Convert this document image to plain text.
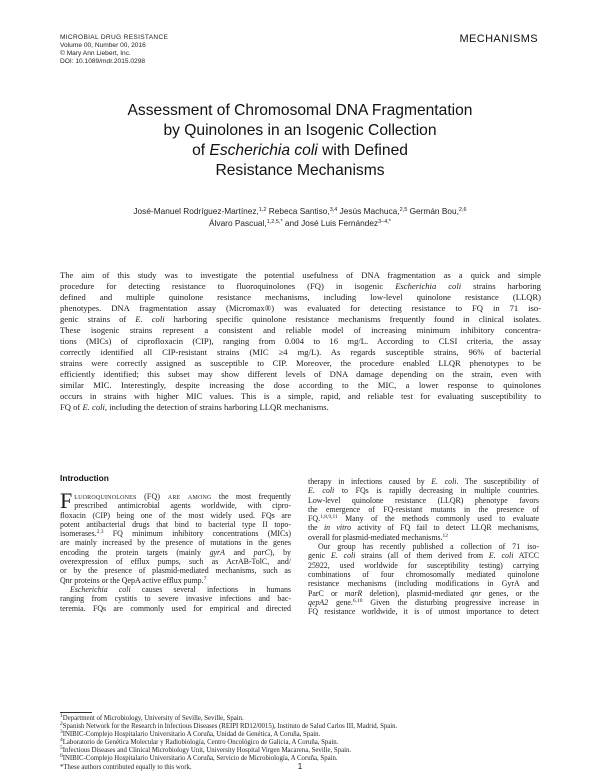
MICROBIAL DRUG RESISTANCE
Volume 00, Number 00, 2016
© Mary Ann Liebert, Inc.
DOI: 10.1089/mdr.2015.0298
MECHANISMS
Assessment of Chromosomal DNA Fragmentation
by Quinolones in an Isogenic Collection
of Escherichia coli with Defined
Resistance Mechanisms
José-Manuel Rodríguez-Martínez,$^{1,2}$ Rebeca Santiso,$^{3,4}$ Jesús Machuca,$^{2,5}$ Germán Bou,$^{2,6}$
Álvaro Pascual,$^{1,2,5,*}$ and José Luis Fernández$^{3-4,*}$
The aim of this study was to investigate the potential usefulness of DNA fragmentation as a quick and simple
procedure for detecting resistance to fluoroquinolones (FQ) in isogenic Escherichia coli strains harboring
defined and multiple quinolone resistance mechanisms, including low-level quinolone resistance (LLQR)
phenotypes. DNA fragmentation assay (Micromax®) was evaluated for detecting resistance to FQ in 71 iso-
genic strains of E. coli harboring specific quinolone resistance mechanisms frequently found in clinical isolates.
These isogenic strains represent a consistent and reliable model of increasing minimum inhibitory concentra-
tions (MICs) of ciprofloxacin (CIP), ranging from 0.004 to 16 mg/L. According to CLSI criteria, the assay
correctly identified all CIP-resistant strains (MIC ≥4 mg/L). As regards susceptible strains, 96% of bacterial
strains were correctly assigned as susceptible to CIP. Moreover, the procedure enabled LLQR phenotypes to be
efficiently identified; this subset may show different levels of DNA damage depending on the strain, even with
similar MIC. Interestingly, despite increasing the dose according to the MIC, a lower response to quinolones
occurs in strains with higher MIC values. This is a simple, rapid, and reliable test for evaluating susceptibility to
FQ of E. coli, including the detection of strains harboring LLQR mechanisms.
Introduction
F luoroquinolones (FQ) are among the most frequently
prescribed antimicrobial agents worldwide, with cipro-
floxacin (CIP) being one of the most widely used. FQs are
potent antibacterial drugs that bind to bacterial type II topo-
isomerases.$^{2,3}$ FQ minimum inhibitory concentrations (MICs)
are mainly increased by the presence of mutations in the genes
encoding the protein targets (mainly gyrA and parC), by
overexpression of efflux pumps, such as AcrAB-TolC, and/
or by the presence of plasmid-mediated mechanisms, such as
Qnr proteins or the QepA active efflux pump.$^7$
Escherichia coli causes several infections in humans
ranging from cystitis to severe invasive infections and bac-
teremia. FQs are commonly used for empirical and directed
therapy in infections caused by E. coli. The susceptibility of
E. coli to FQs is rapidly decreasing in multiple countries.
Low-level quinolone resistance (LLQR) phenotype favors
the emergence of FQ-resistant mutants in the presence of
FQ.$^{1,8,9,11}$ Many of the methods commonly used to evaluate
the in vitro activity of FQ fail to detect LLQR mechanisms,
overall for plasmid-mediated mechanisms.$^{12}$
Our group has recently published a collection of 71 iso-
genic E. coli strains (all of them derived from E. coli ATCC
25922, used worldwide for susceptibility testing) carrying
combinations of four chromosomally mediated quinolone
resistance mechanisms (including modifications in GyrA and
ParC or marR deletion), plasmid-mediated qnr genes, or the
qepA2 gene.$^{6,10}$ Given the disturbing progressive increase in
FQ resistance worldwide, it is of utmost importance to detect
$^1$Department of Microbiology, University of Seville, Seville, Spain.
$^2$Spanish Network for the Research in Infectious Diseases (REIPI RD12/0015), Instituto de Salud Carlos III, Madrid, Spain.
$^3$INIBIC-Complejo Hospitalario Universitario A Coruña, Unidad de Genética, A Coruña, Spain.
$^4$Laboratorio de Genética Molecular y Radiobiología, Centro Oncológico de Galicia, A Coruña, Spain.
$^5$Infectious Diseases and Clinical Microbiology Unit, University Hospital Virgen Macarena, Seville, Spain.
$^6$INIBIC-Complejo Hospitalario Universitario A Coruña, Servicio de Microbiología, A Coruña, Spain.
*These authors contributed equally to this work.	1
